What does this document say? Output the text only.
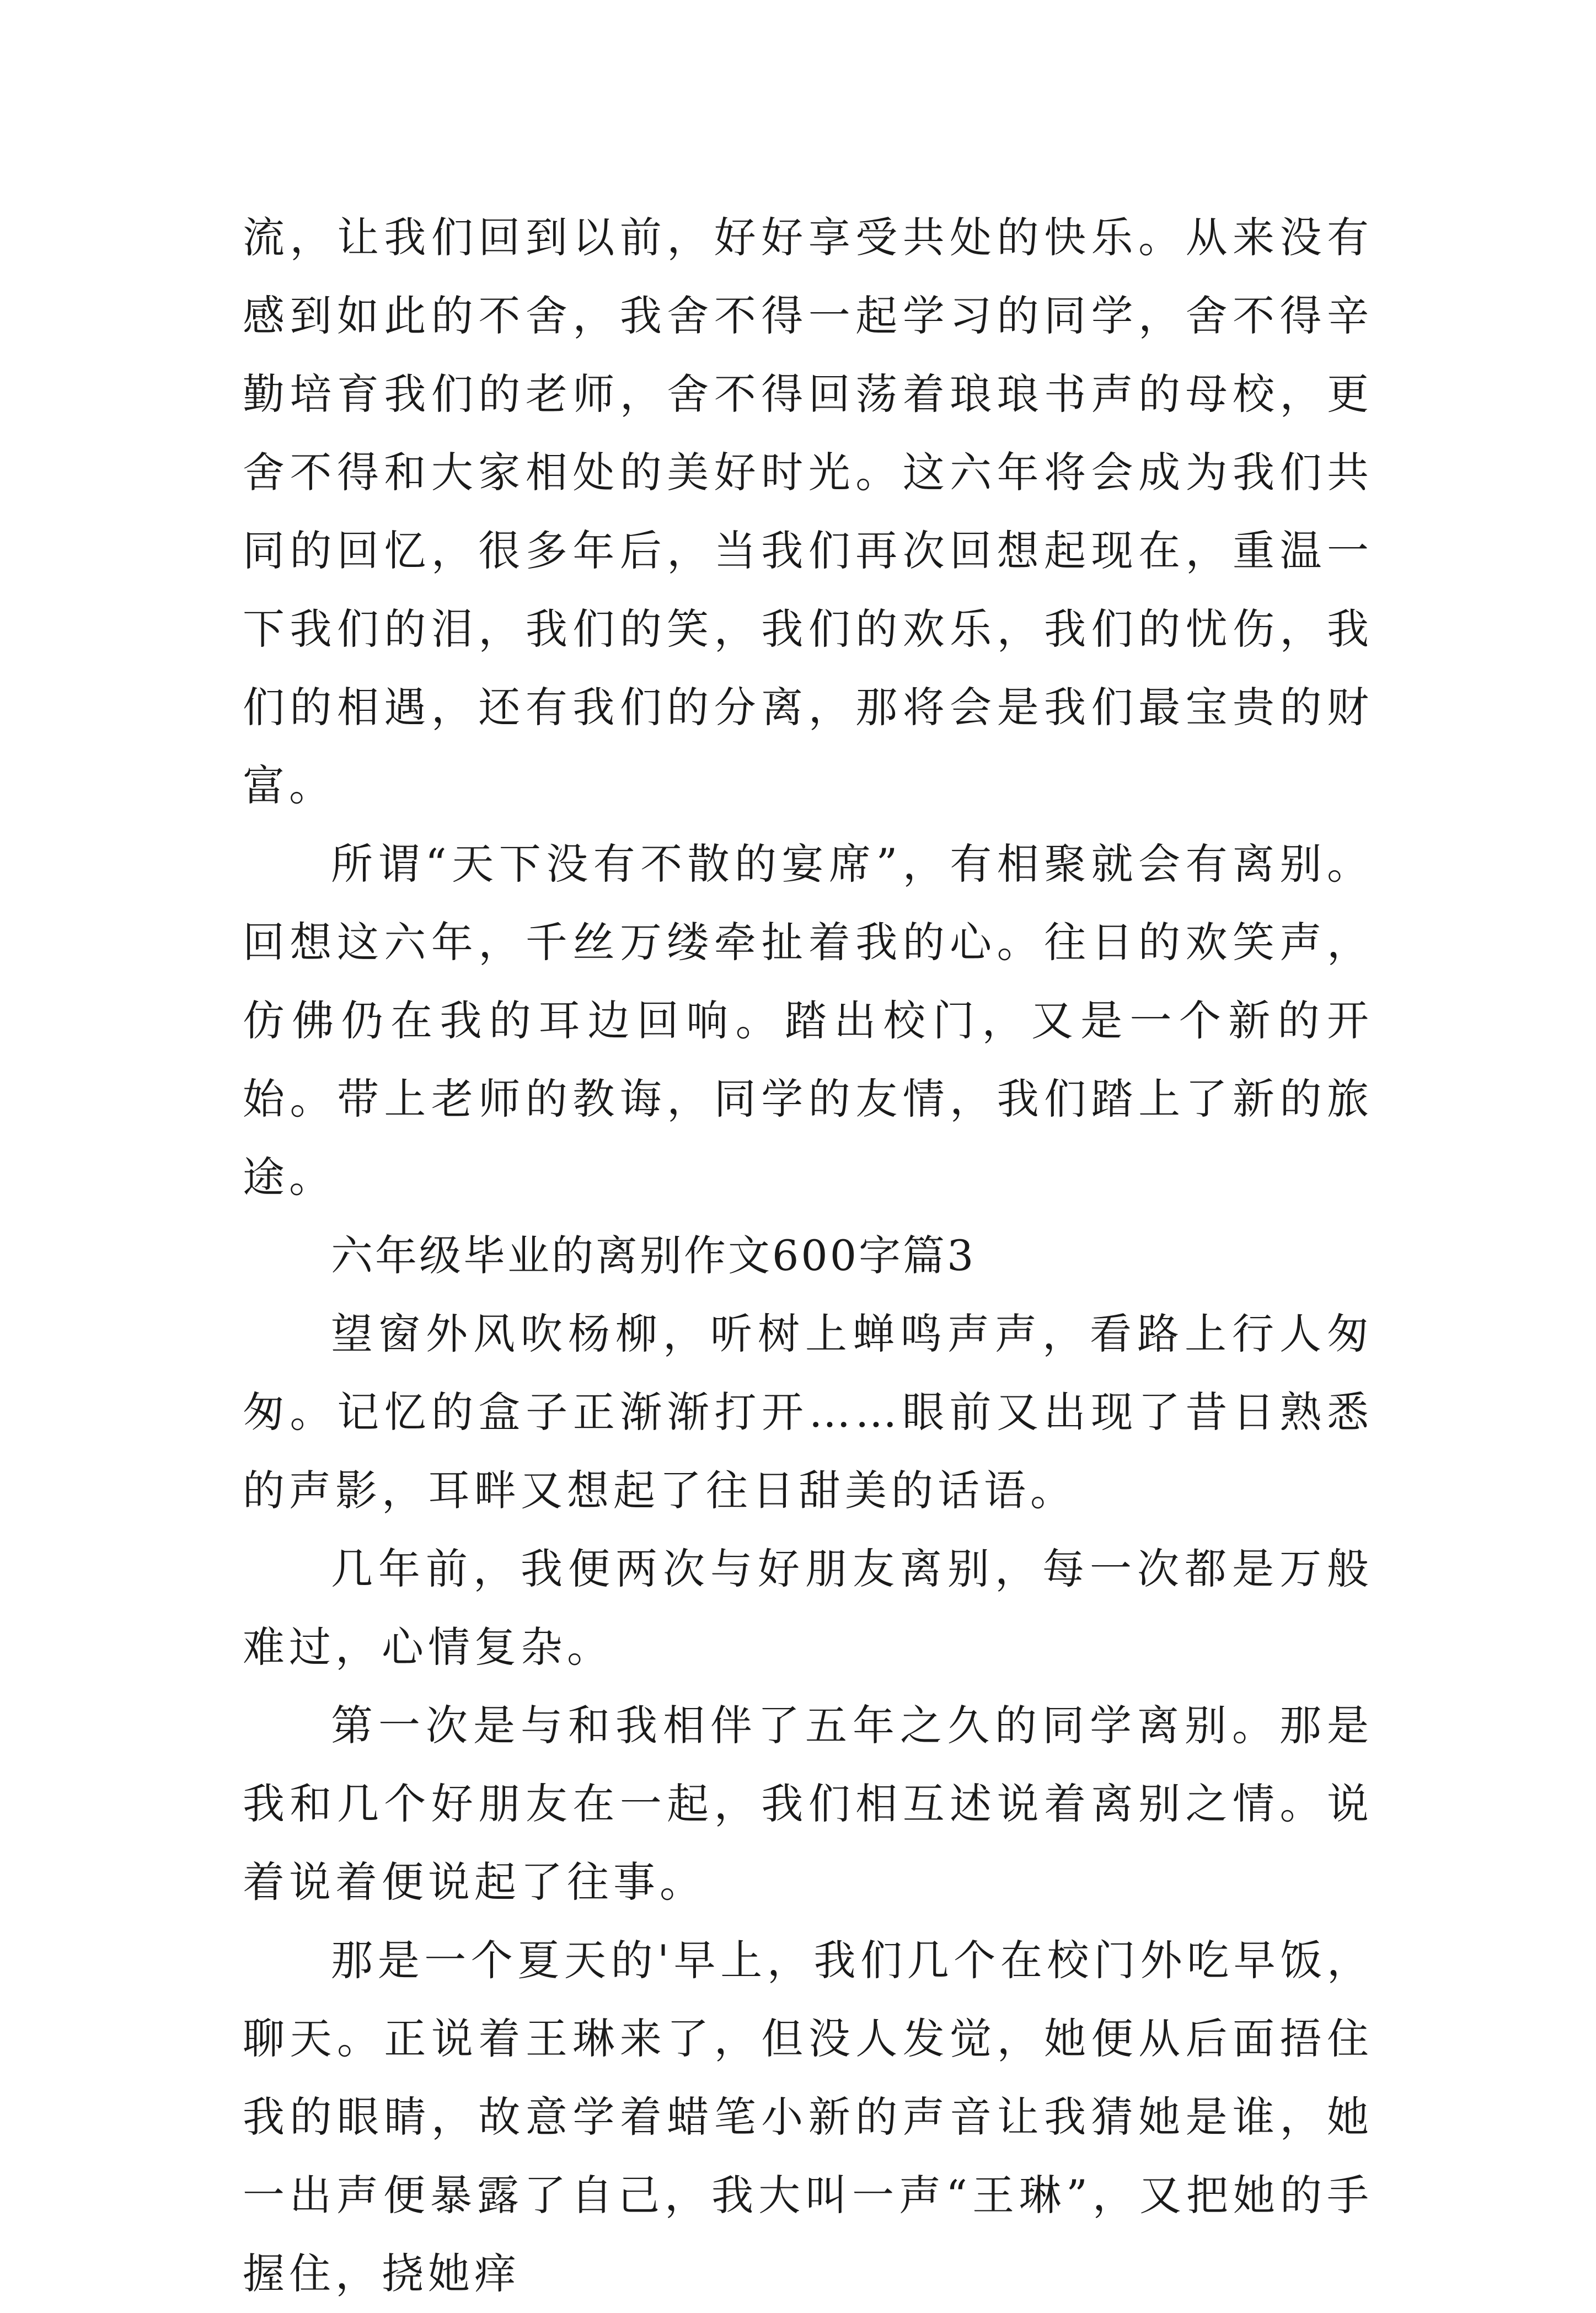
流，让我们回到以前，好好享受共处的快乐。从来没有感到如此的不舍，我舍不得一起学习的同学，舍不得辛勤培育我们的老师，舍不得回荡着琅琅书声的母校，更舍不得和大家相处的美好时光。这六年将会成为我们共同的回忆，很多年后，当我们再次回想起现在，重温一下我们的泪，我们的笑，我们的欢乐，我们的忧伤，我们的相遇，还有我们的分离，那将会是我们最宝贵的财富。

所谓“天下没有不散的宴席”，有相聚就会有离别。回想这六年，千丝万缕牵扯着我的心。往日的欢笑声，仿佛仍在我的耳边回响。踏出校门，又是一个新的开始。带上老师的教诲，同学的友情，我们踏上了新的旅途。

六年级毕业的离别作文600字篇3

望窗外风吹杨柳，听树上蝉鸣声声，看路上行人匆匆。记忆的盒子正渐渐打开……眼前又出现了昔日熟悉的声影，耳畔又想起了往日甜美的话语。

几年前，我便两次与好朋友离别，每一次都是万般难过，心情复杂。

第一次是与和我相伴了五年之久的同学离别。那是我和几个好朋友在一起，我们相互述说着离别之情。说着说着便说起了往事。

那是一个夏天的'早上，我们几个在校门外吃早饭，聊天。正说着王琳来了，但没人发觉，她便从后面捂住我的眼睛，故意学着蜡笔小新的声音让我猜她是谁，她一出声便暴露了自己，我大叫一声“王琳”，又把她的手握住，挠她痒
